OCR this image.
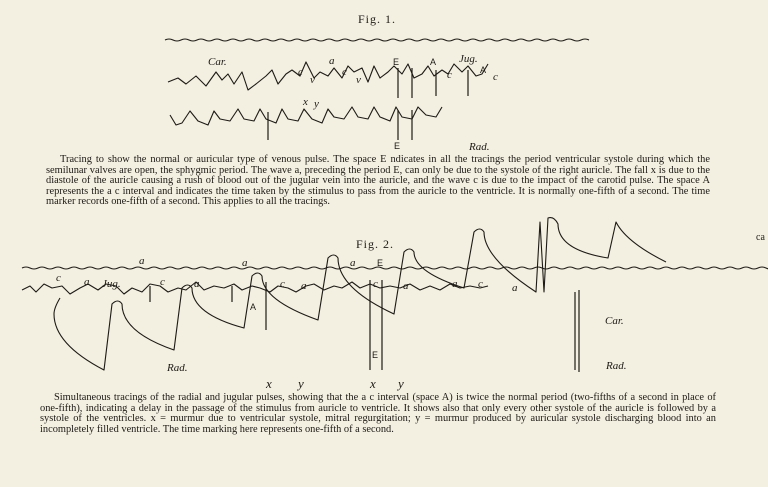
Fig. 1.
Car.	a
c
v
c
v
x y
E	A
c
Jug.
A
c
E	Rad.
Tracing to show the normal or auricular type of venous pulse. The space E ndicates in all the tracings the period ventricular systole during which the semilunar valves are open, the sphygmic period. The wave a, preceding the period E, can only be due to the systole of the right auricle. The fall x is due to the diastole of the auricle causing a rush of blood out of the jugular vein into the auricle, and the wave c is due to the impact of the carotid pulse. The space A represents the a c interval and indicates the time taken by the stimulus to pass from the auricle to the ventricle. It is normally one-fifth of a second. The time marker records one-fifth of a second. This applies to all the tracings.
ca
Fig. 2.
a	a	a E
c a Jug.	c	a	c a	c a	a c	a
A
Car.
E
Rad.	Rad.
x y	x y
Simultaneous tracings of the radial and jugular pulses, showing that the a c interval (space A) is twice the normal period (two-fifths of a second in place of one-fifth), indicating a delay in the passage of the stimulus from auricle to ventricle. It shows also that only every other systole of the auricle is followed by a systole of the ventricles. x = murmur due to ventricular systole, mitral regurgitation; y = murmur produced by auricular systole discharging blood into an incompletely filled ventricle. The time marking here represents one-fifth of a second.
